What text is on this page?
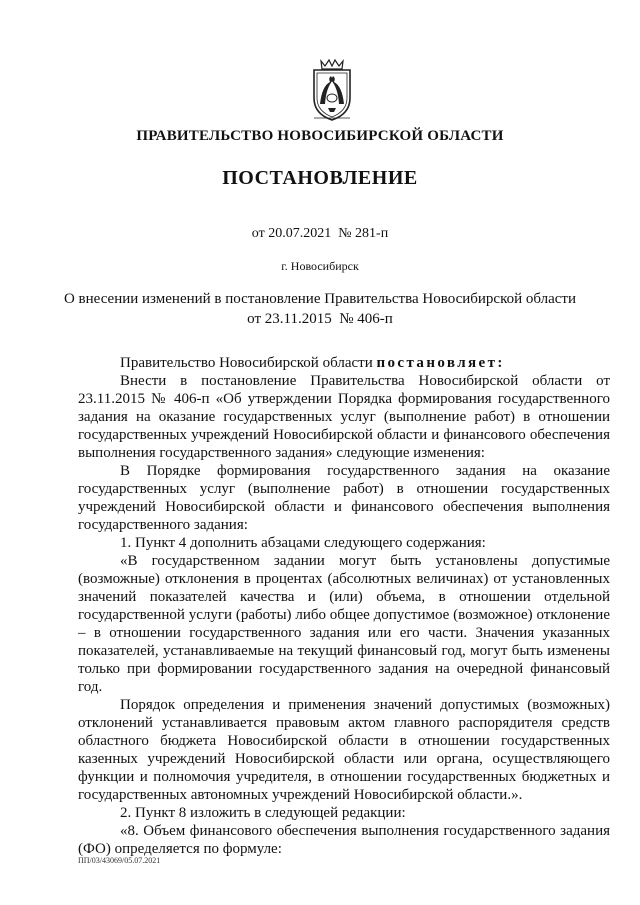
ПРАВИТЕЛЬСТВО НОВОСИБИРСКОЙ ОБЛАСТИ
ПОСТАНОВЛЕНИЕ
от 20.07.2021  № 281-п
г. Новосибирск
О внесении изменений в постановление Правительства Новосибирской области
от 23.11.2015  № 406-п

Правительство Новосибирской области постановляет:

Внести в постановление Правительства Новосибирской области от 23.11.2015 № 406-п «Об утверждении Порядка формирования государственного задания на оказание государственных услуг (выполнение работ) в отношении государственных учреждений Новосибирской области и финансового обеспечения выполнения государственного задания» следующие изменения:

В Порядке формирования государственного задания на оказание государственных услуг (выполнение работ) в отношении государственных учреждений Новосибирской области и финансового обеспечения выполнения государственного задания:

1. Пункт 4 дополнить абзацами следующего содержания:

«В государственном задании могут быть установлены допустимые (возможные) отклонения в процентах (абсолютных величинах) от установленных значений показателей качества и (или) объема, в отношении отдельной государственной услуги (работы) либо общее допустимое (возможное) отклонение – в отношении государственного задания или его части. Значения указанных показателей, устанавливаемые на текущий финансовый год, могут быть изменены только при формировании государственного задания на очередной финансовый год.

Порядок определения и применения значений допустимых (возможных) отклонений устанавливается правовым актом главного распорядителя средств областного бюджета Новосибирской области в отношении государственных казенных учреждений Новосибирской области или органа, осуществляющего функции и полномочия учредителя, в отношении государственных бюджетных и государственных автономных учреждений Новосибирской области.».

2. Пункт 8 изложить в следующей редакции:

«8. Объем финансового обеспечения выполнения государственного задания (ФО) определяется по формуле:

ПП/03/43069/05.07.2021
